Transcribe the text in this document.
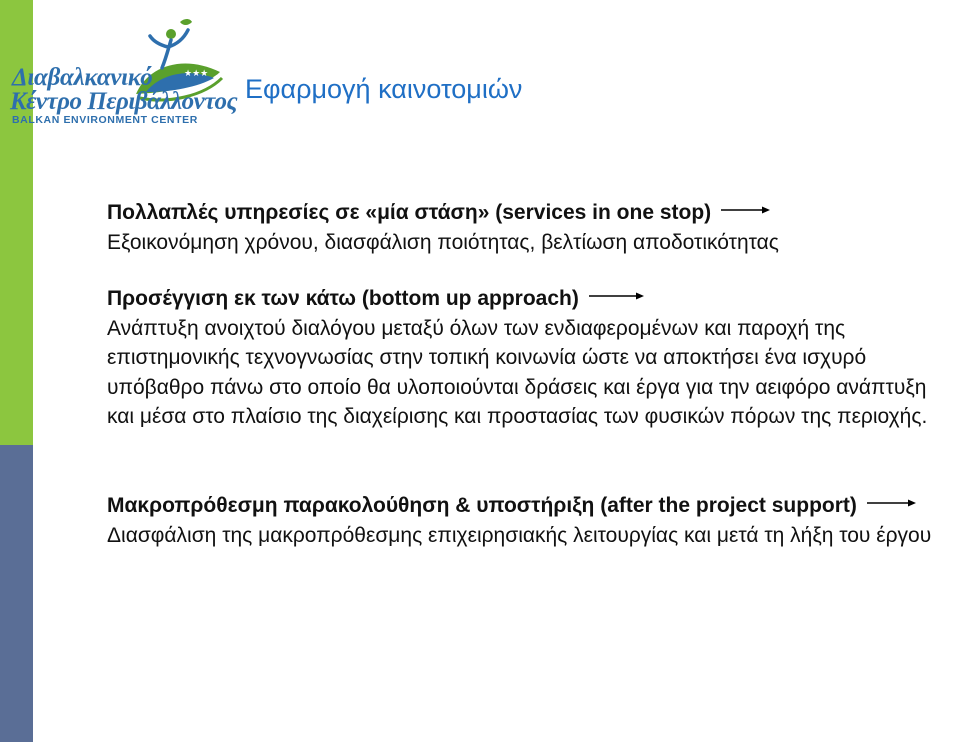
★★★
Διαβαλκανικό
Κέντρο Περιβάλλοντος
BALKAN ENVIRONMENT CENTER
Εφαρμογή καινοτομιών
Πολλαπλές υπηρεσίες σε «μία στάση» (services in one stop)
Εξοικονόμηση χρόνου, διασφάλιση ποιότητας, βελτίωση αποδοτικότητας
Προσέγγιση εκ των κάτω (bottom up approach)
Ανάπτυξη ανοιχτού διαλόγου μεταξύ όλων των ενδιαφερομένων και παροχή της επιστημονικής τεχνογνωσίας στην τοπική κοινωνία ώστε να αποκτήσει ένα ισχυρό υπόβαθρο πάνω στο οποίο θα υλοποιούνται δράσεις και έργα για την αειφόρο ανάπτυξη και μέσα στο πλαίσιο της διαχείρισης και προστασίας των φυσικών πόρων της περιοχής.
Μακροπρόθεσμη παρακολούθηση & υποστήριξη (after the project support)
Διασφάλιση της μακροπρόθεσμης επιχειρησιακής λειτουργίας και μετά τη λήξη του έργου
